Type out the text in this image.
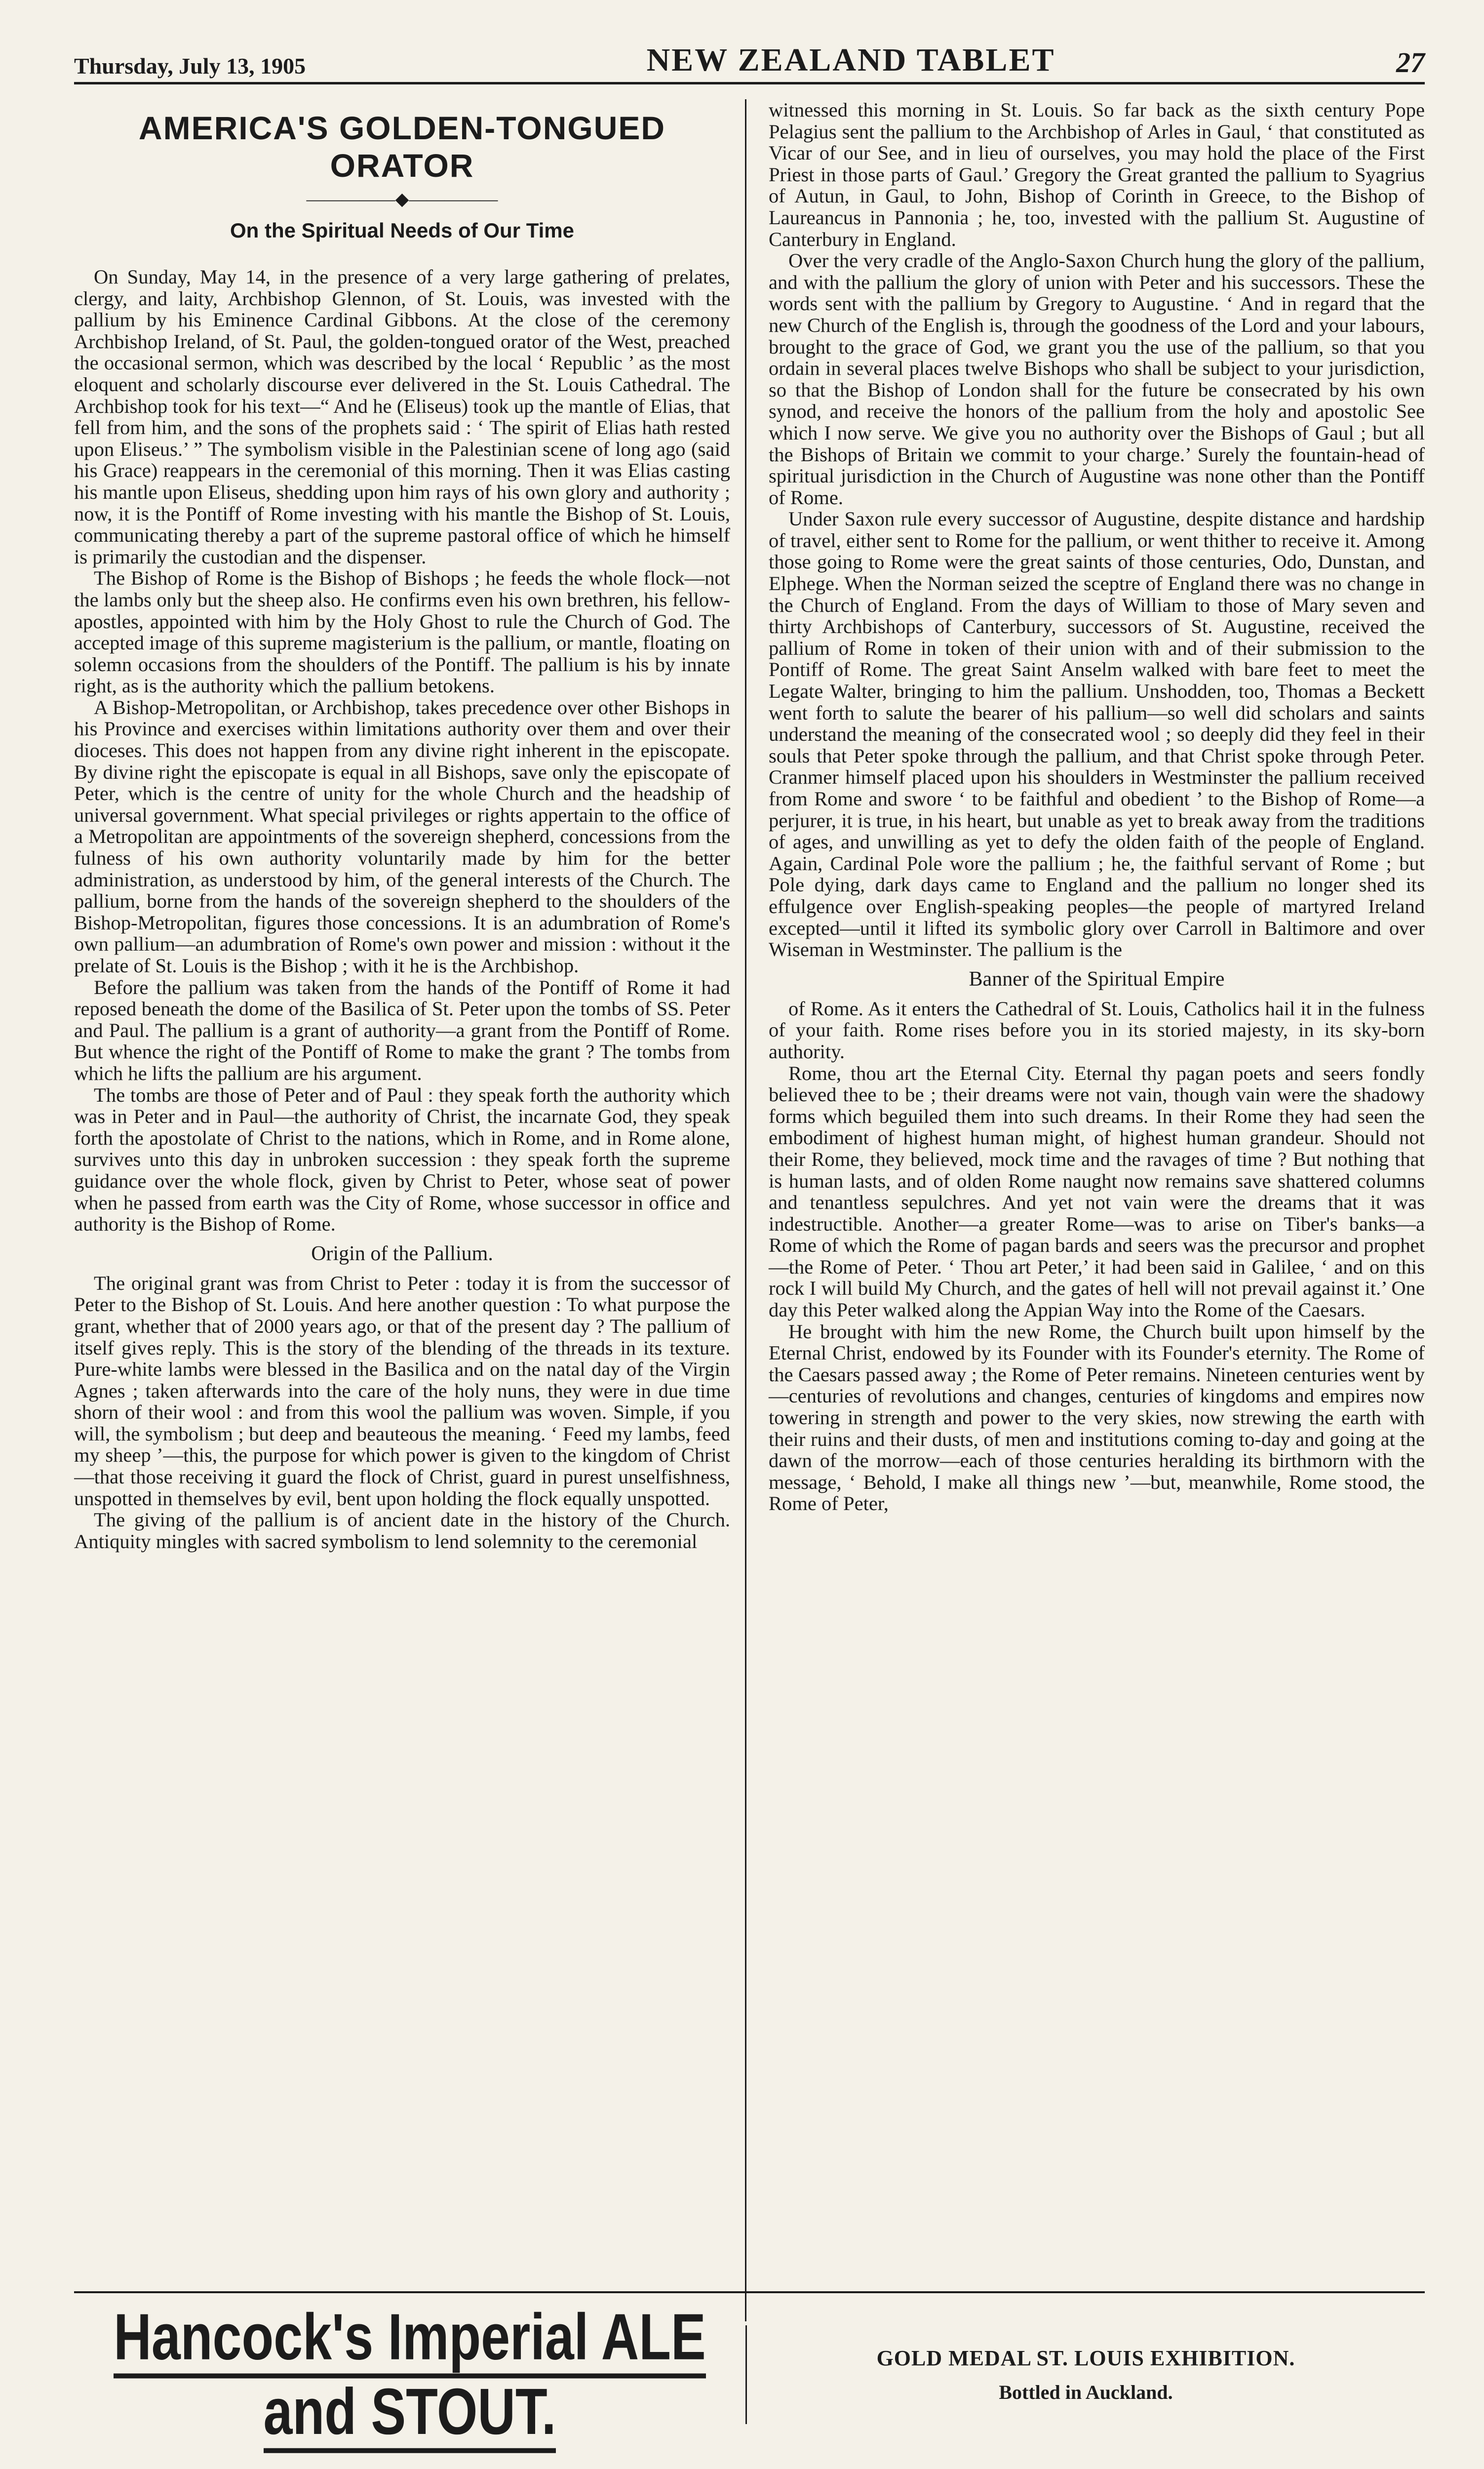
Thursday, July 13, 1905	NEW ZEALAND TABLET	27
AMERICA'S GOLDEN-TONGUED ORATOR
—————◆—————
On the Spiritual Needs of Our Time

On Sunday, May 14, in the presence of a very large gathering of prelates, clergy, and laity, Archbishop Glennon, of St. Louis, was invested with the pallium by his Eminence Cardinal Gibbons. At the close of the ceremony Archbishop Ireland, of St. Paul, the golden-tongued orator of the West, preached the occasional sermon, which was described by the local ‘ Republic ’ as the most eloquent and scholarly discourse ever delivered in the St. Louis Cathedral. The Archbishop took for his text—“ And he (Eliseus) took up the mantle of Elias, that fell from him, and the sons of the prophets said : ‘ The spirit of Elias hath rested upon Eliseus.’ ” The symbolism visible in the Palestinian scene of long ago (said his Grace) reappears in the ceremonial of this morning. Then it was Elias casting his mantle upon Eliseus, shedding upon him rays of his own glory and authority ; now, it is the Pontiff of Rome investing with his mantle the Bishop of St. Louis, communicating thereby a part of the supreme pastoral office of which he himself is primarily the custodian and the dispenser.

The Bishop of Rome is the Bishop of Bishops ; he feeds the whole flock—not the lambs only but the sheep also. He confirms even his own brethren, his fellow-apostles, appointed with him by the Holy Ghost to rule the Church of God. The accepted image of this supreme magisterium is the pallium, or mantle, floating on solemn occasions from the shoulders of the Pontiff. The pallium is his by innate right, as is the authority which the pallium betokens.

A Bishop-Metropolitan, or Archbishop, takes precedence over other Bishops in his Province and exercises within limitations authority over them and over their dioceses. This does not happen from any divine right inherent in the episcopate. By divine right the episcopate is equal in all Bishops, save only the episcopate of Peter, which is the centre of unity for the whole Church and the headship of universal government. What special privileges or rights appertain to the office of a Metropolitan are appointments of the sovereign shepherd, concessions from the fulness of his own authority voluntarily made by him for the better administration, as understood by him, of the general interests of the Church. The pallium, borne from the hands of the sovereign shepherd to the shoulders of the Bishop-Metropolitan, figures those concessions. It is an adumbration of Rome's own pallium—an adumbration of Rome's own power and mission : without it the prelate of St. Louis is the Bishop ; with it he is the Archbishop.

Before the pallium was taken from the hands of the Pontiff of Rome it had reposed beneath the dome of the Basilica of St. Peter upon the tombs of SS. Peter and Paul. The pallium is a grant of authority—a grant from the Pontiff of Rome. But whence the right of the Pontiff of Rome to make the grant ? The tombs from which he lifts the pallium are his argument.

The tombs are those of Peter and of Paul : they speak forth the authority which was in Peter and in Paul—the authority of Christ, the incarnate God, they speak forth the apostolate of Christ to the nations, which in Rome, and in Rome alone, survives unto this day in unbroken succession : they speak forth the supreme guidance over the whole flock, given by Christ to Peter, whose seat of power when he passed from earth was the City of Rome, whose successor in office and authority is the Bishop of Rome.

Origin of the Pallium.

The original grant was from Christ to Peter : today it is from the successor of Peter to the Bishop of St. Louis. And here another question : To what purpose the grant, whether that of 2000 years ago, or that of the present day ? The pallium of itself gives reply. This is the story of the blending of the threads in its texture. Pure-white lambs were blessed in the Basilica and on the natal day of the Virgin Agnes ; taken afterwards into the care of the holy nuns, they were in due time shorn of their wool : and from this wool the pallium was woven. Simple, if you will, the symbolism ; but deep and beauteous the meaning. ‘ Feed my lambs, feed my sheep ’—this, the purpose for which power is given to the kingdom of Christ—that those receiving it guard the flock of Christ, guard in purest unselfishness, unspotted in themselves by evil, bent upon holding the flock equally unspotted.

The giving of the pallium is of ancient date in the history of the Church. Antiquity mingles with sacred symbolism to lend solemnity to the ceremonial

witnessed this morning in St. Louis. So far back as the sixth century Pope Pelagius sent the pallium to the Archbishop of Arles in Gaul, ‘ that constituted as Vicar of our See, and in lieu of ourselves, you may hold the place of the First Priest in those parts of Gaul.’ Gregory the Great granted the pallium to Syagrius of Autun, in Gaul, to John, Bishop of Corinth in Greece, to the Bishop of Laureancus in Pannonia ; he, too, invested with the pallium St. Augustine of Canterbury in England.

Over the very cradle of the Anglo-Saxon Church hung the glory of the pallium, and with the pallium the glory of union with Peter and his successors. These the words sent with the pallium by Gregory to Augustine. ‘ And in regard that the new Church of the English is, through the goodness of the Lord and your labours, brought to the grace of God, we grant you the use of the pallium, so that you ordain in several places twelve Bishops who shall be subject to your jurisdiction, so that the Bishop of London shall for the future be consecrated by his own synod, and receive the honors of the pallium from the holy and apostolic See which I now serve. We give you no authority over the Bishops of Gaul ; but all the Bishops of Britain we commit to your charge.’ Surely the fountain-head of spiritual jurisdiction in the Church of Augustine was none other than the Pontiff of Rome.

Under Saxon rule every successor of Augustine, despite distance and hardship of travel, either sent to Rome for the pallium, or went thither to receive it. Among those going to Rome were the great saints of those centuries, Odo, Dunstan, and Elphege. When the Norman seized the sceptre of England there was no change in the Church of England. From the days of William to those of Mary seven and thirty Archbishops of Canterbury, successors of St. Augustine, received the pallium of Rome in token of their union with and of their submission to the Pontiff of Rome. The great Saint Anselm walked with bare feet to meet the Legate Walter, bringing to him the pallium. Unshodden, too, Thomas a Beckett went forth to salute the bearer of his pallium—so well did scholars and saints understand the meaning of the consecrated wool ; so deeply did they feel in their souls that Peter spoke through the pallium, and that Christ spoke through Peter. Cranmer himself placed upon his shoulders in Westminster the pallium received from Rome and swore ‘ to be faithful and obedient ’ to the Bishop of Rome—a perjurer, it is true, in his heart, but unable as yet to break away from the traditions of ages, and unwilling as yet to defy the olden faith of the people of England. Again, Cardinal Pole wore the pallium ; he, the faithful servant of Rome ; but Pole dying, dark days came to England and the pallium no longer shed its effulgence over English-speaking peoples—the people of martyred Ireland excepted—until it lifted its symbolic glory over Carroll in Baltimore and over Wiseman in Westminster. The pallium is the

Banner of the Spiritual Empire

of Rome. As it enters the Cathedral of St. Louis, Catholics hail it in the fulness of your faith. Rome rises before you in its storied majesty, in its sky-born authority.

Rome, thou art the Eternal City. Eternal thy pagan poets and seers fondly believed thee to be ; their dreams were not vain, though vain were the shadowy forms which beguiled them into such dreams. In their Rome they had seen the embodiment of highest human might, of highest human grandeur. Should not their Rome, they believed, mock time and the ravages of time ? But nothing that is human lasts, and of olden Rome naught now remains save shattered columns and tenantless sepulchres. And yet not vain were the dreams that it was indestructible. Another—a greater Rome—was to arise on Tiber's banks—a Rome of which the Rome of pagan bards and seers was the precursor and prophet—the Rome of Peter. ‘ Thou art Peter,’ it had been said in Galilee, ‘ and on this rock I will build My Church, and the gates of hell will not prevail against it.’ One day this Peter walked along the Appian Way into the Rome of the Caesars.

He brought with him the new Rome, the Church built upon himself by the Eternal Christ, endowed by its Founder with its Founder's eternity. The Rome of the Caesars passed away ; the Rome of Peter remains. Nineteen centuries went by—centuries of revolutions and changes, centuries of kingdoms and empires now towering in strength and power to the very skies, now strewing the earth with their ruins and their dusts, of men and institutions coming to-day and going at the dawn of the morrow—each of those centuries heralding its birthmorn with the message, ‘ Behold, I make all things new ’—but, meanwhile, Rome stood, the Rome of Peter,

Hancock's Imperial ALE and STOUT.
GOLD MEDAL ST. LOUIS EXHIBITION.
Bottled in Auckland.
